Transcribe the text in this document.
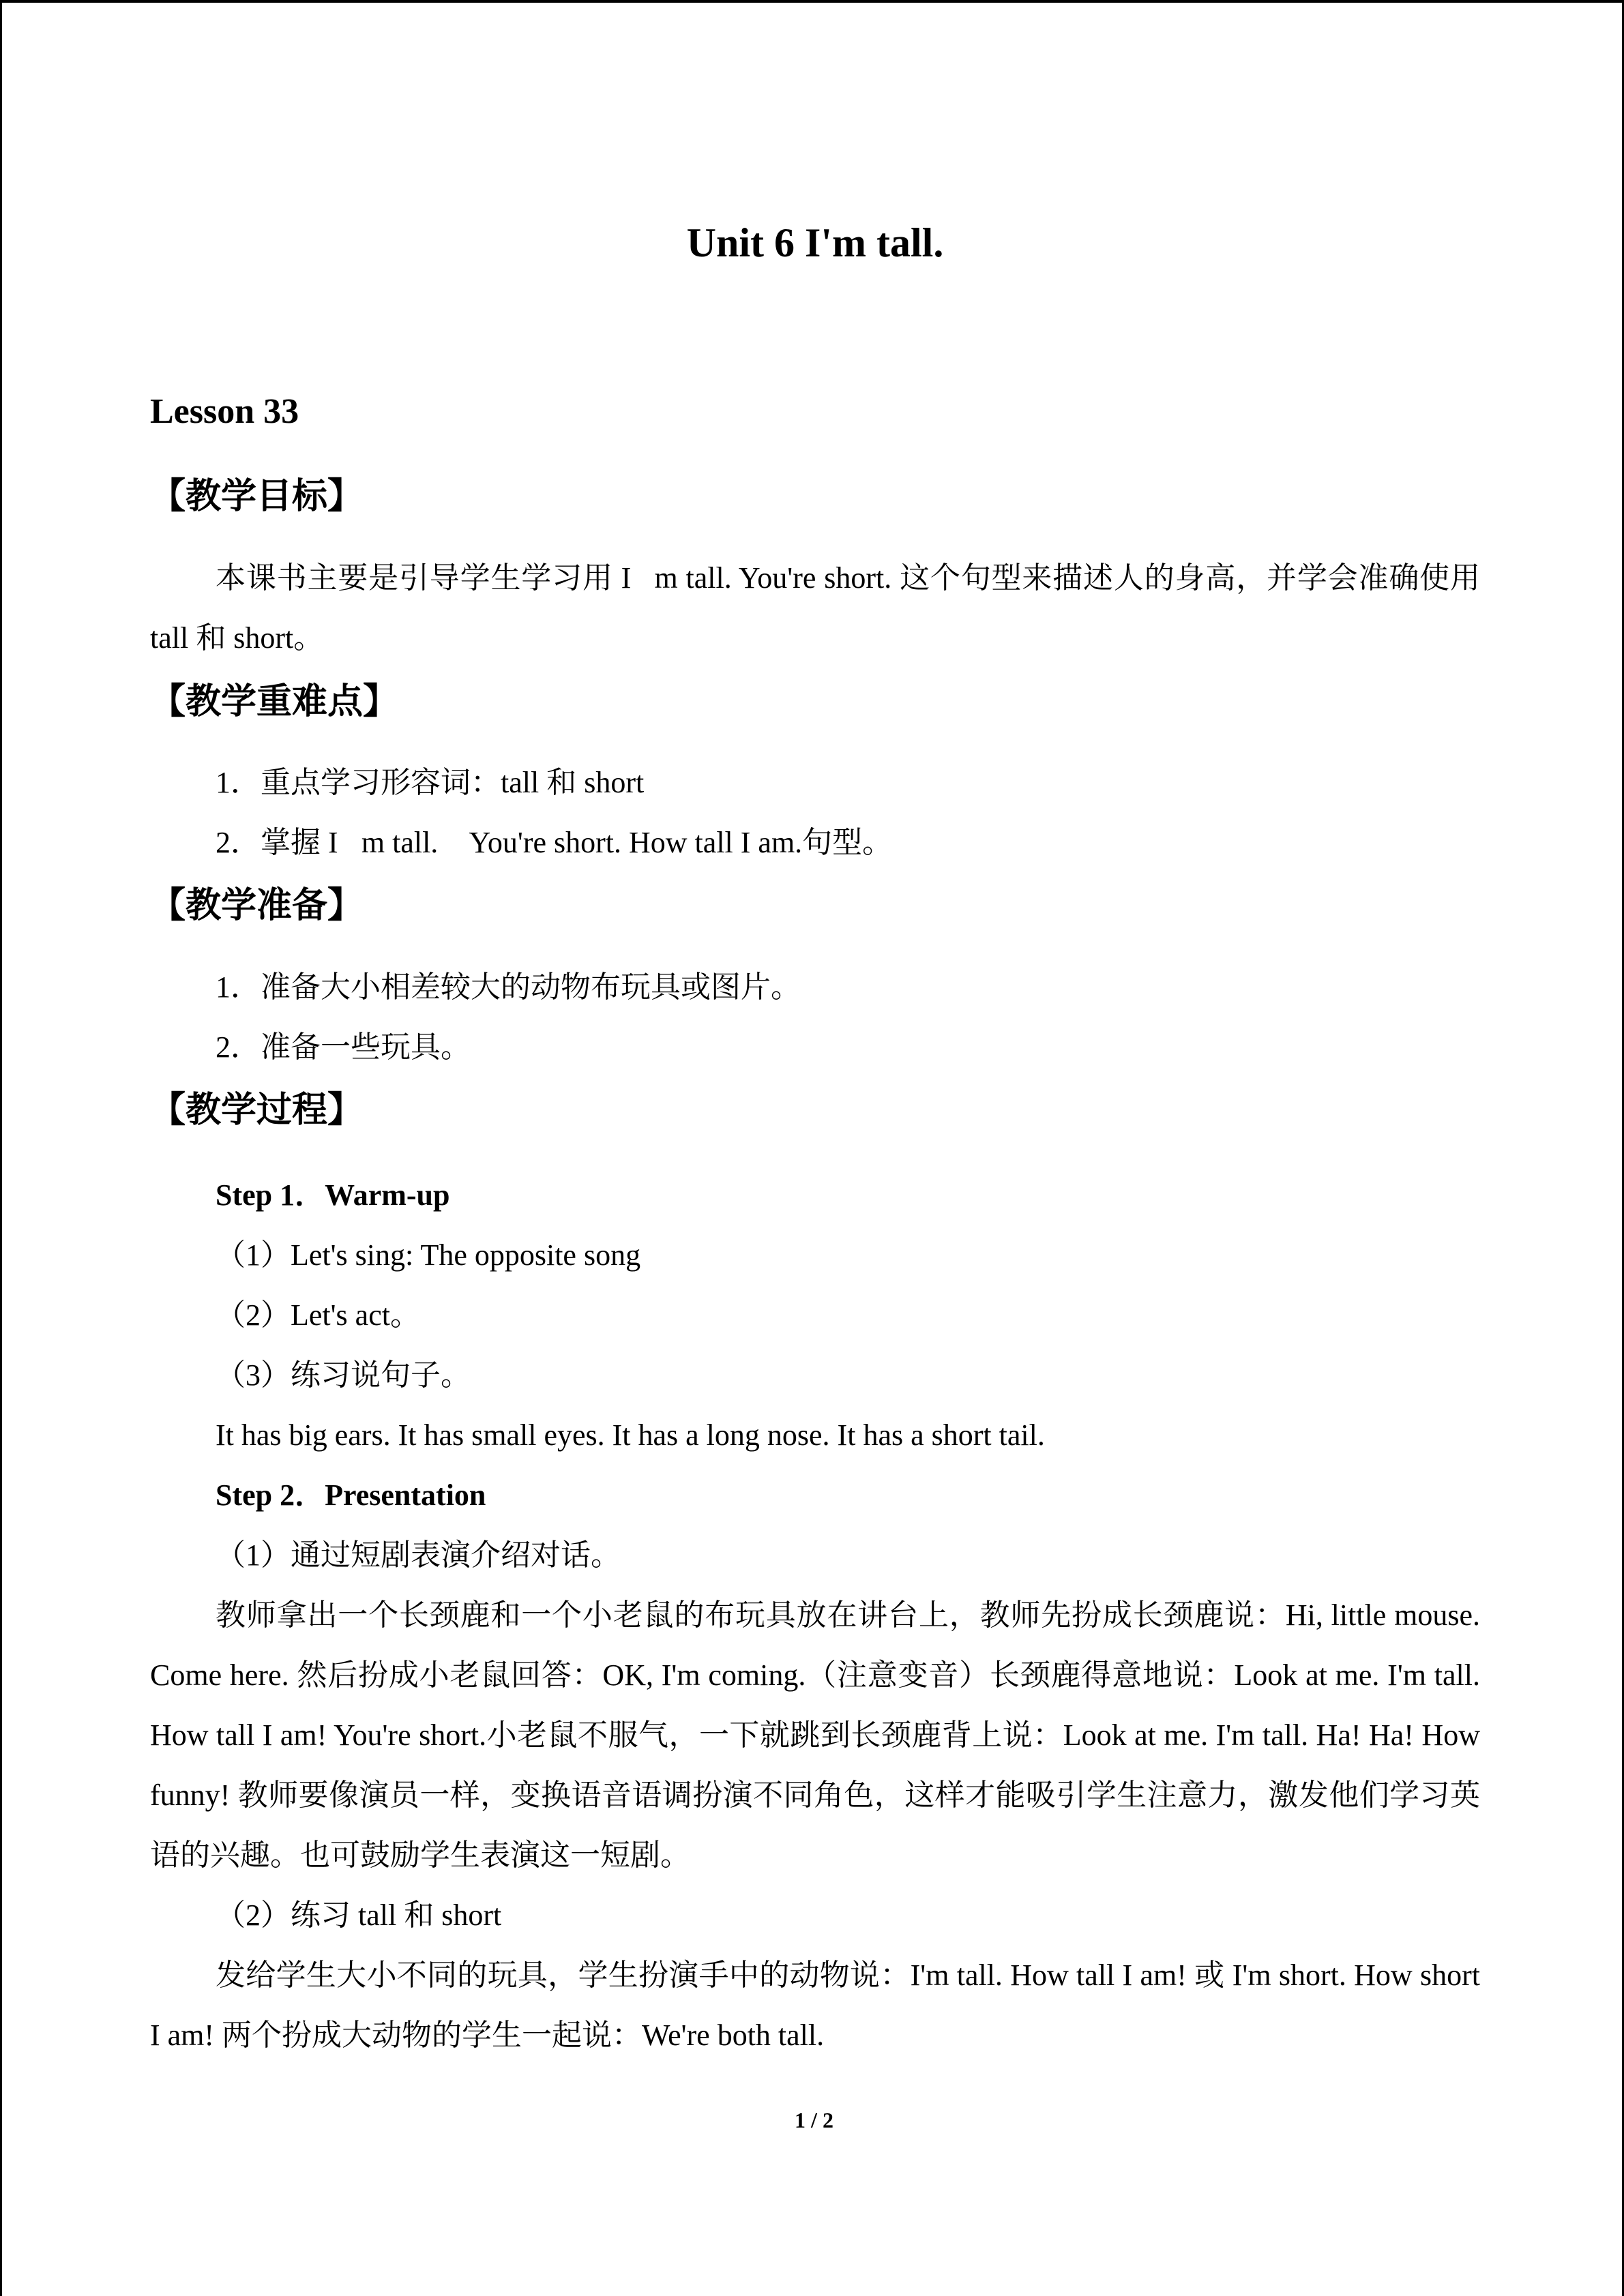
Unit 6 I'm tall.
Lesson 33
【教学目标】
本课书主要是引导学生学习用 I m tall. You're short. 这个句型来描述人的身高，并学会准确使用 tall 和 short。
【教学重难点】
1．重点学习形容词：tall 和 short
2．掌握 I m tall.  You're short. How tall I am.句型。
【教学准备】
1．准备大小相差较大的动物布玩具或图片。
2．准备一些玩具。
【教学过程】
Step 1．Warm-up
（1）Let's sing: The opposite song
（2）Let's act。
（3）练习说句子。
It has big ears. It has small eyes. It has a long nose. It has a short tail.
Step 2．Presentation
（1）通过短剧表演介绍对话。
教师拿出一个长颈鹿和一个小老鼠的布玩具放在讲台上，教师先扮成长颈鹿说：Hi, little mouse. Come here. 然后扮成小老鼠回答：OK, I'm coming.（注意变音）长颈鹿得意地说：Look at me. I'm tall. How tall I am! You're short.小老鼠不服气，一下就跳到长颈鹿背上说：Look at me. I'm tall. Ha! Ha! How funny! 教师要像演员一样，变换语音语调扮演不同角色，这样才能吸引学生注意力，激发他们学习英语的兴趣。也可鼓励学生表演这一短剧。
（2）练习 tall 和 short
发给学生大小不同的玩具，学生扮演手中的动物说：I'm tall. How tall I am! 或 I'm short. How short I am! 两个扮成大动物的学生一起说：We're both tall.
1 / 2
